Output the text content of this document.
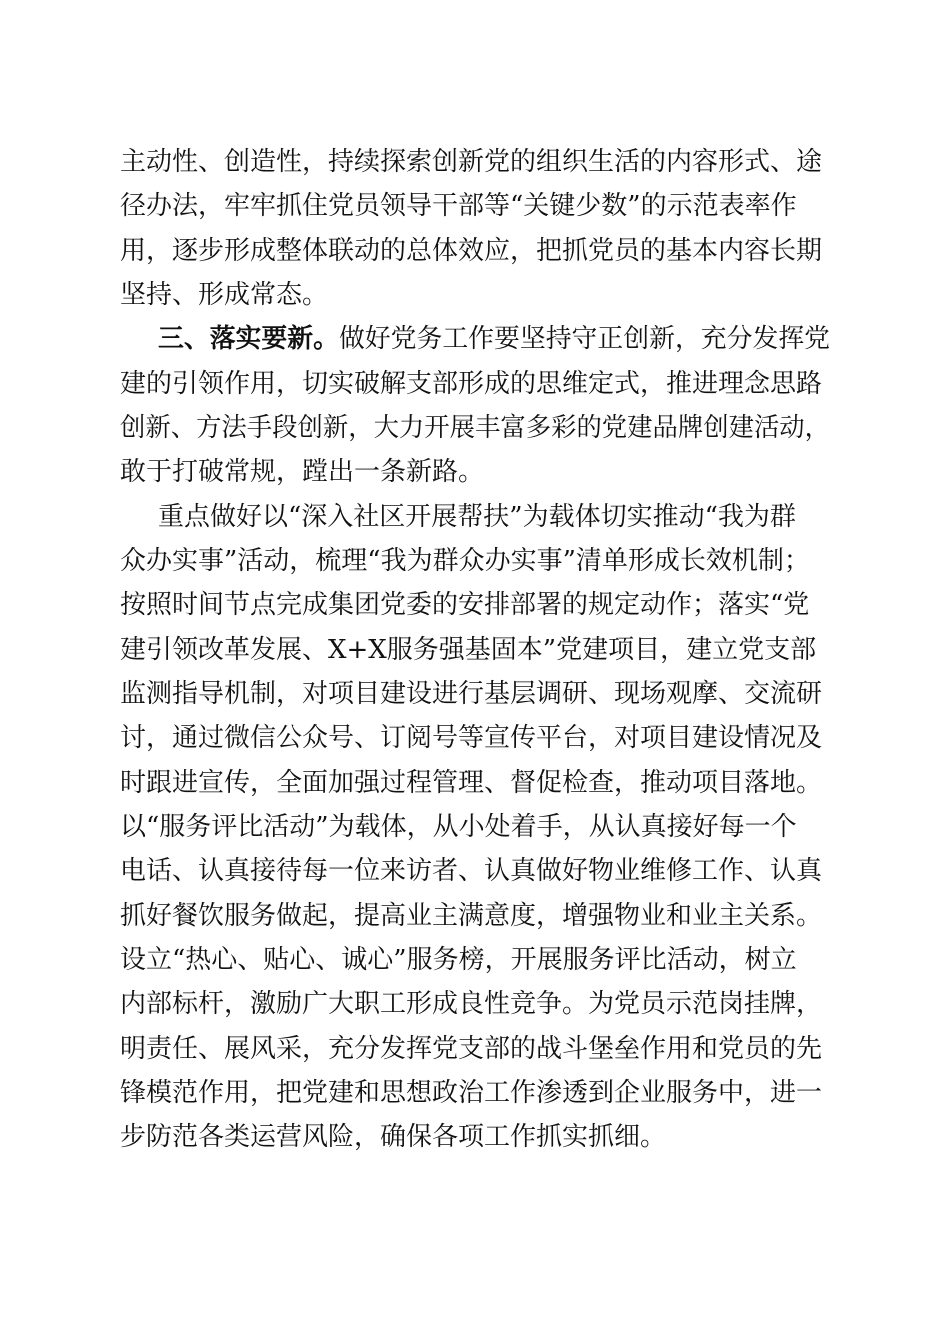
主动性、创造性，持续探索创新党的组织生活的内容形式、途
径办法，牢牢抓住党员领导干部等“关键少数”的示范表率作
用，逐步形成整体联动的总体效应，把抓党员的基本内容长期
坚持、形成常态。
三、落实要新。做好党务工作要坚持守正创新，充分发挥党
建的引领作用，切实破解支部形成的思维定式，推进理念思路
创新、方法手段创新，大力开展丰富多彩的党建品牌创建活动，
敢于打破常规，蹚出一条新路。
重点做好以“深入社区开展帮扶”为载体切实推动“我为群
众办实事”活动，梳理“我为群众办实事”清单形成长效机制；
按照时间节点完成集团党委的安排部署的规定动作；落实“党
建引领改革发展、X+X服务强基固本”党建项目，建立党支部
监测指导机制，对项目建设进行基层调研、现场观摩、交流研
讨，通过微信公众号、订阅号等宣传平台，对项目建设情况及
时跟进宣传，全面加强过程管理、督促检查，推动项目落地。
以“服务评比活动”为载体，从小处着手，从认真接好每一个
电话、认真接待每一位来访者、认真做好物业维修工作、认真
抓好餐饮服务做起，提高业主满意度，增强物业和业主关系。
设立“热心、贴心、诚心”服务榜，开展服务评比活动，树立
内部标杆，激励广大职工形成良性竞争。为党员示范岗挂牌，
明责任、展风采，充分发挥党支部的战斗堡垒作用和党员的先
锋模范作用，把党建和思想政治工作渗透到企业服务中，进一
步防范各类运营风险，确保各项工作抓实抓细。
